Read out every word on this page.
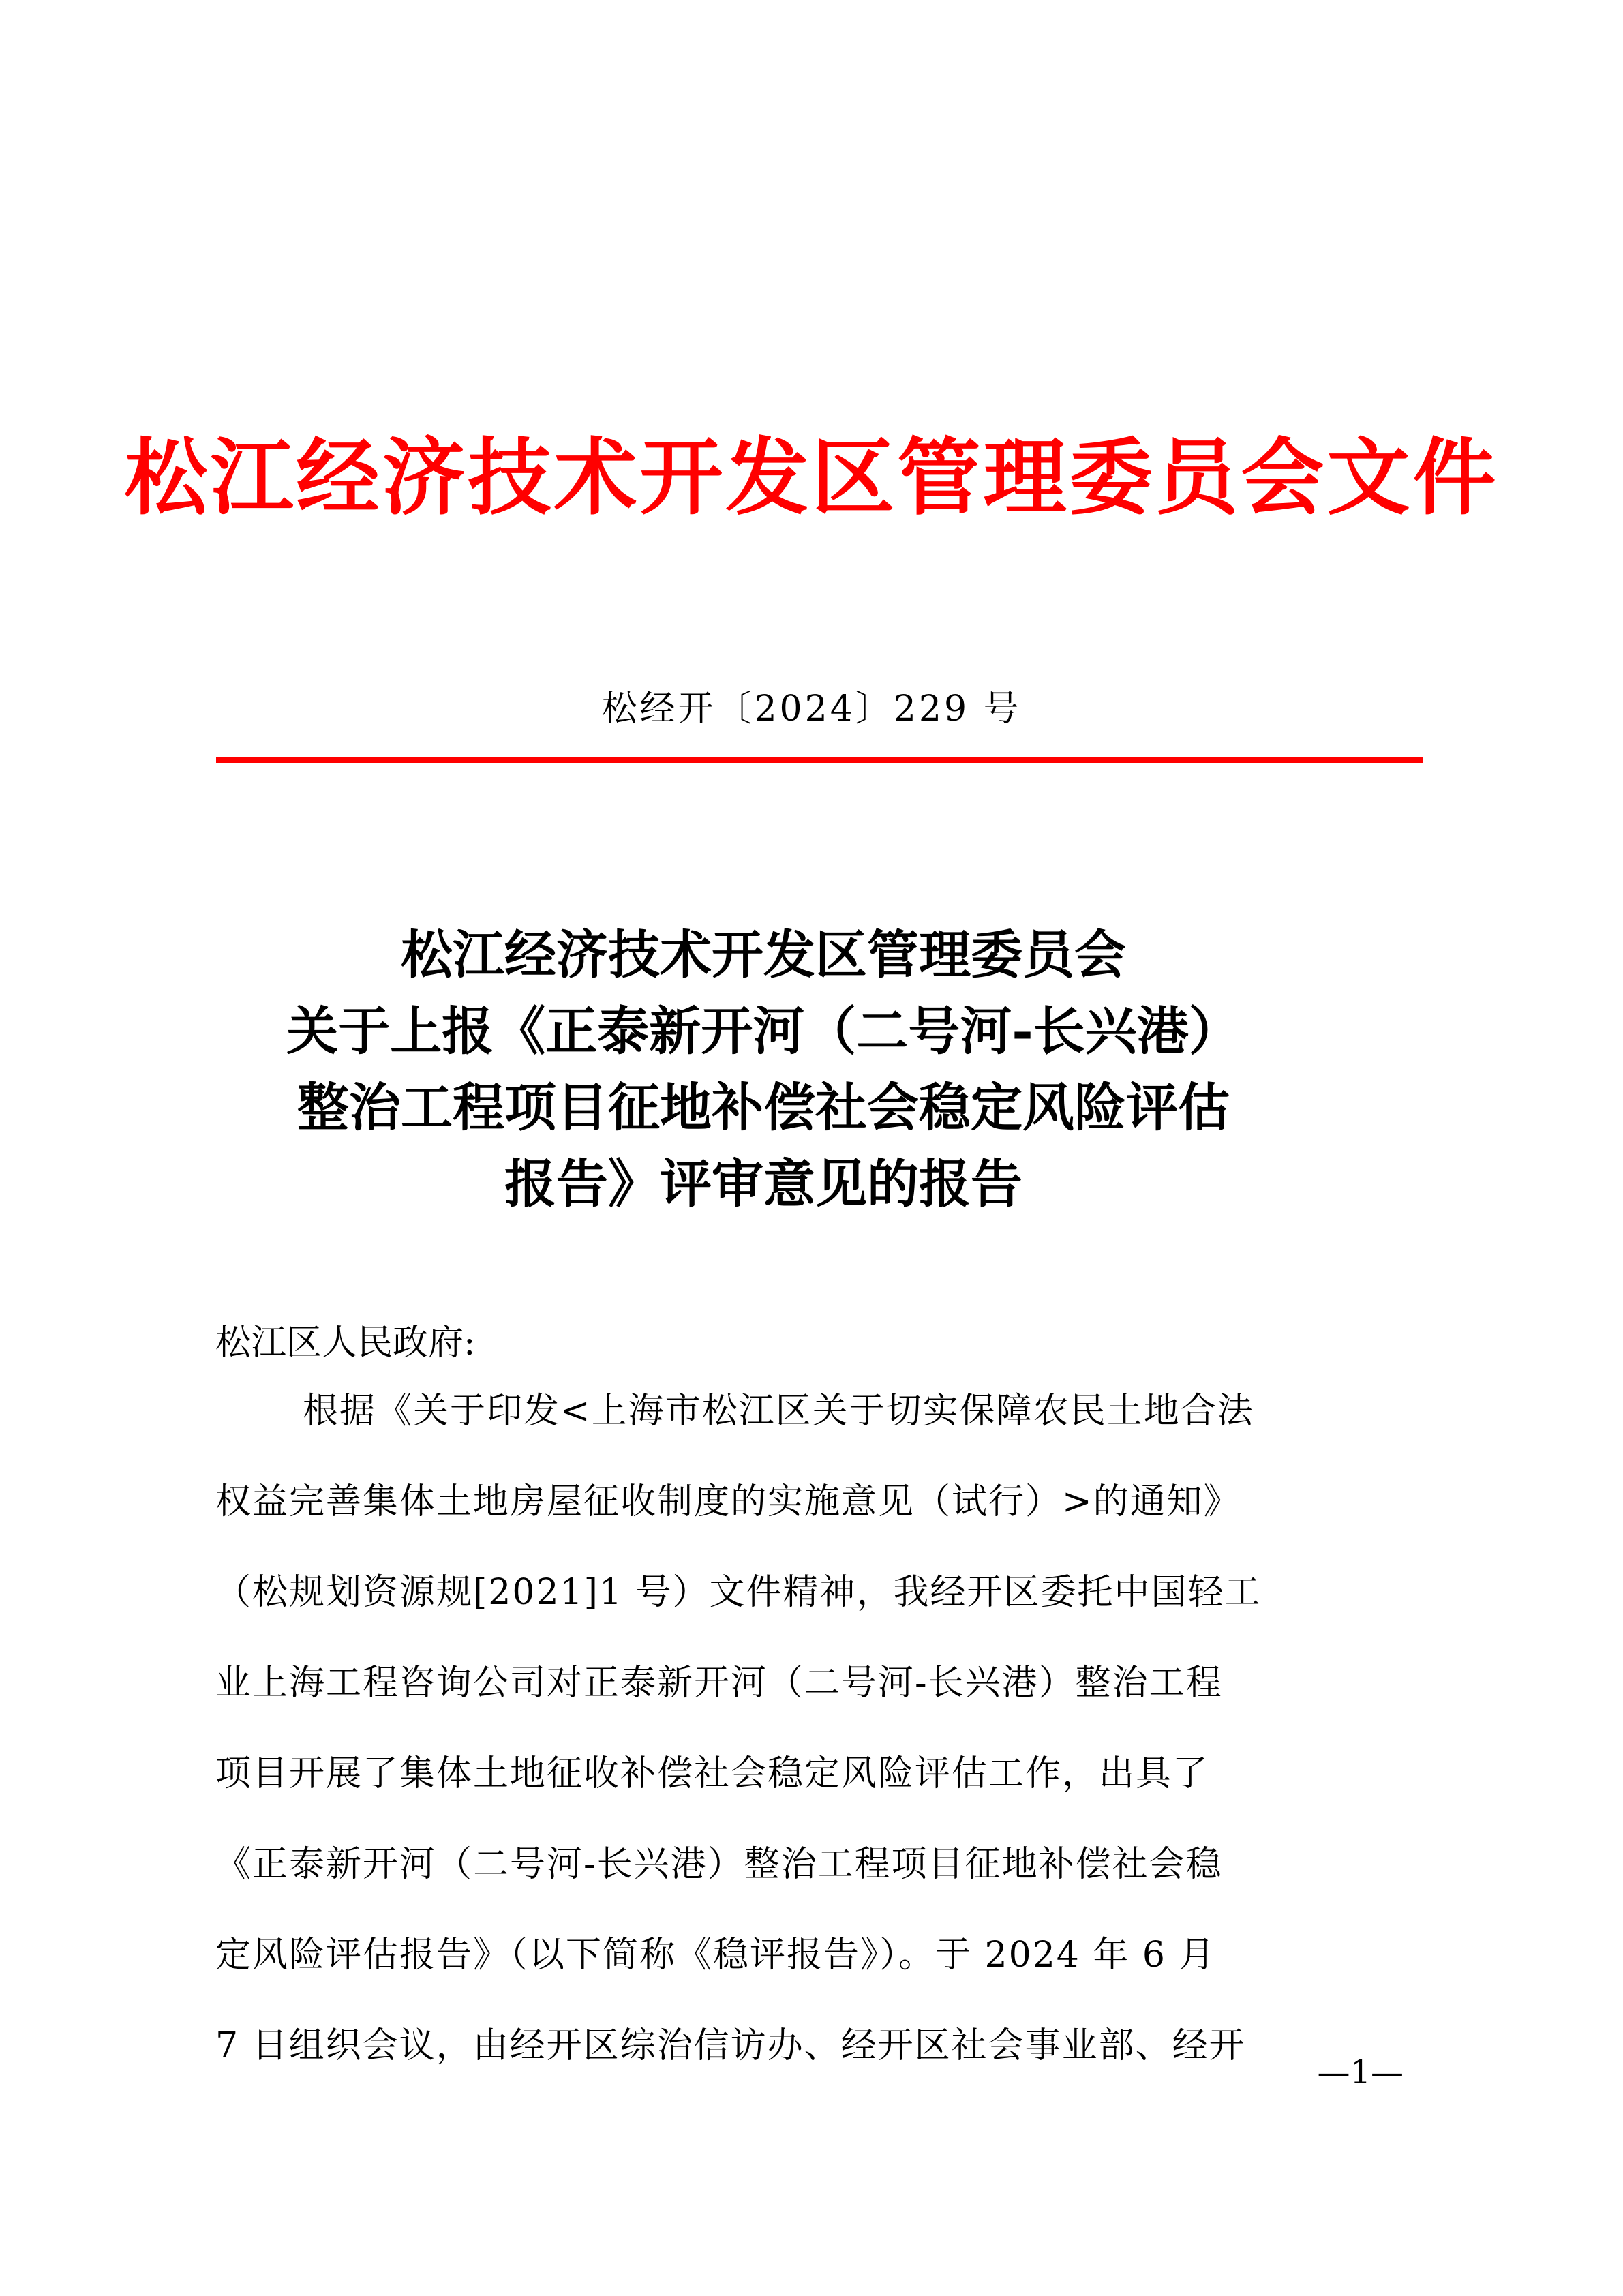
松江经济技术开发区管理委员会文件
松经开〔2024〕229 号
松江经济技术开发区管理委员会
关于上报《正泰新开河（二号河-长兴港）
整治工程项目征地补偿社会稳定风险评估
报告》评审意见的报告
松江区人民政府:
根据《关于印发<上海市松江区关于切实保障农民土地合法
权益完善集体土地房屋征收制度的实施意见（试行）>的通知》
（松规划资源规[2021]1 号）文件精神，我经开区委托中国轻工
业上海工程咨询公司对正泰新开河（二号河-长兴港）整治工程
项目开展了集体土地征收补偿社会稳定风险评估工作，出具了
《正泰新开河（二号河-长兴港）整治工程项目征地补偿社会稳
定风险评估报告》（以下简称《稳评报告》）。于 2024 年 6 月
7 日组织会议，由经开区综治信访办、经开区社会事业部、经开
—1—
